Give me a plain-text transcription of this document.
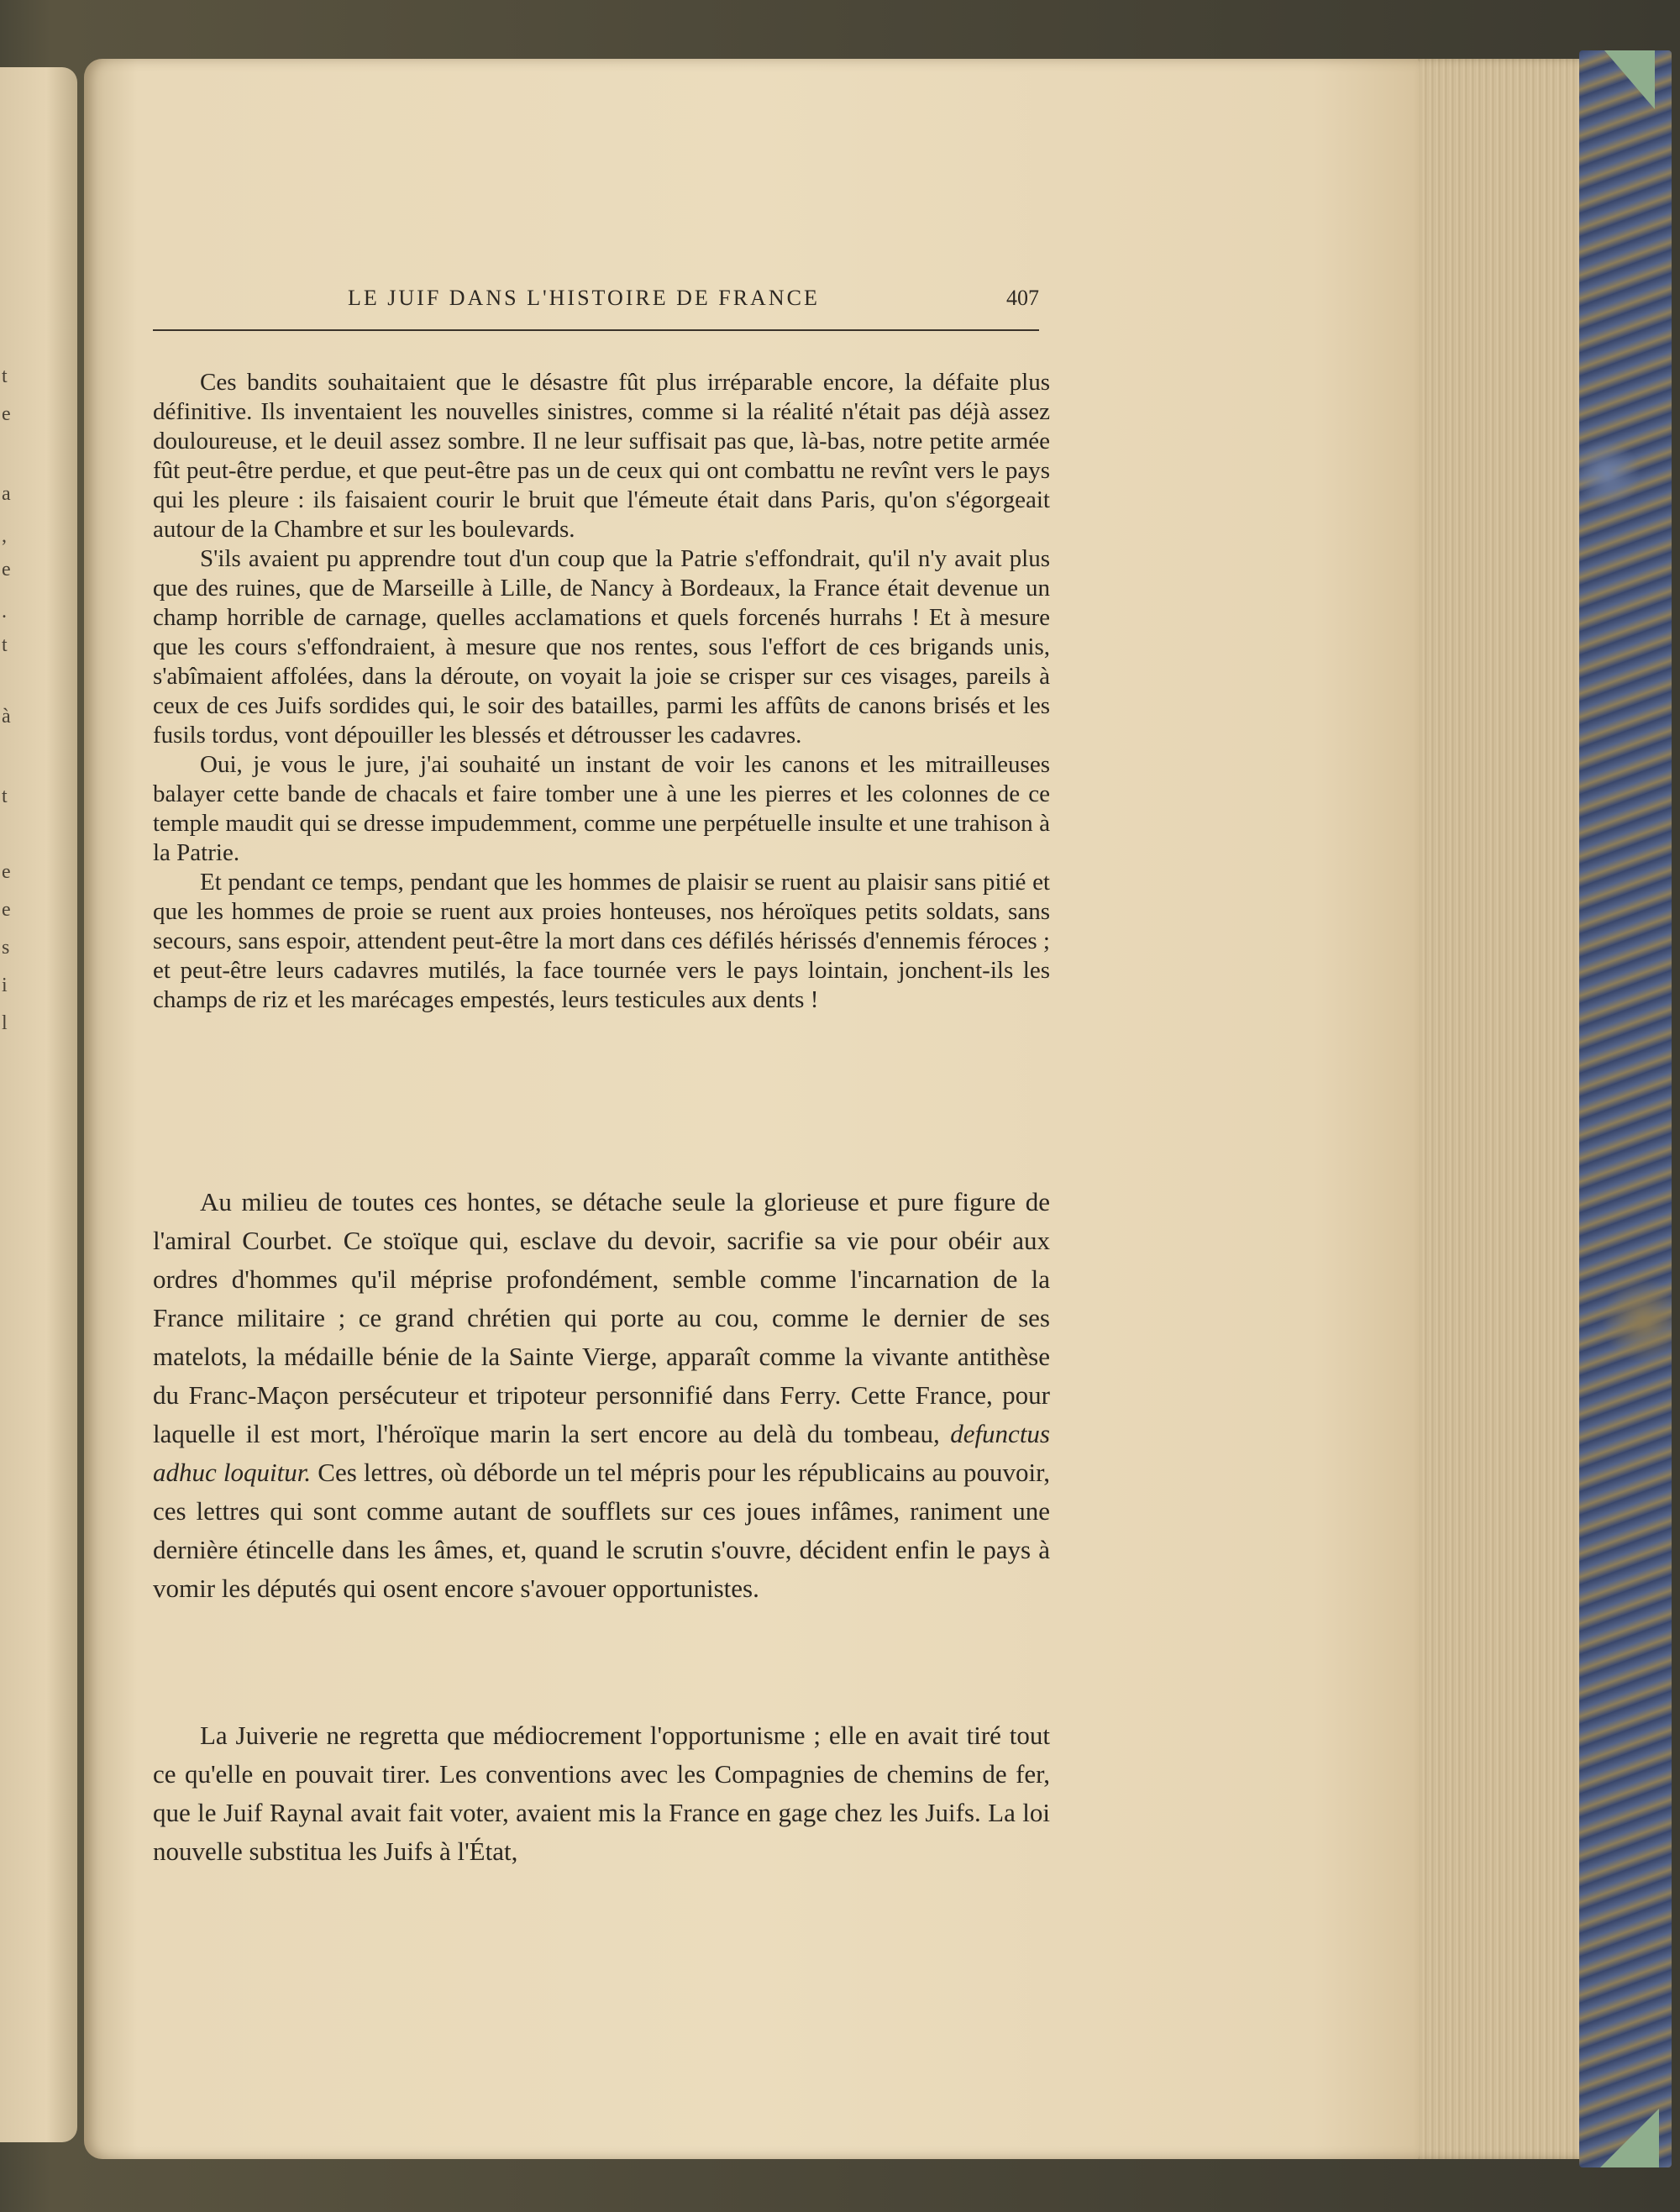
t
e
a
,
e
.
t
à
t
e
e
s
i
l
LE JUIF DANS L'HISTOIRE DE FRANCE	407

Ces bandits souhaitaient que le désastre fût plus irréparable encore, la défaite plus définitive. Ils inventaient les nouvelles sinistres, comme si la réalité n'était pas déjà assez douloureuse, et le deuil assez sombre. Il ne leur suffisait pas que, là-bas, notre petite armée fût peut-être perdue, et que peut-être pas un de ceux qui ont combattu ne revînt vers le pays qui les pleure : ils faisaient courir le bruit que l'émeute était dans Paris, qu'on s'égorgeait autour de la Chambre et sur les boulevards.

S'ils avaient pu apprendre tout d'un coup que la Patrie s'effondrait, qu'il n'y avait plus que des ruines, que de Marseille à Lille, de Nancy à Bordeaux, la France était devenue un champ horrible de carnage, quelles acclamations et quels forcenés hurrahs ! Et à mesure que les cours s'effondraient, à mesure que nos rentes, sous l'effort de ces brigands unis, s'abîmaient affolées, dans la déroute, on voyait la joie se crisper sur ces visages, pareils à ceux de ces Juifs sordides qui, le soir des batailles, parmi les affûts de canons brisés et les fusils tordus, vont dépouiller les blessés et détrousser les cadavres.

Oui, je vous le jure, j'ai souhaité un instant de voir les canons et les mitrailleuses balayer cette bande de chacals et faire tomber une à une les pierres et les colonnes de ce temple maudit qui se dresse impudemment, comme une perpétuelle insulte et une trahison à la Patrie.

Et pendant ce temps, pendant que les hommes de plaisir se ruent au plaisir sans pitié et que les hommes de proie se ruent aux proies honteuses, nos héroïques petits soldats, sans secours, sans espoir, attendent peut-être la mort dans ces défilés hérissés d'ennemis féroces ; et peut-être leurs cadavres mutilés, la face tournée vers le pays lointain, jonchent-ils les champs de riz et les marécages empestés, leurs testicules aux dents !

Au milieu de toutes ces hontes, se détache seule la glorieuse et pure figure de l'amiral Courbet. Ce stoïque qui, esclave du devoir, sacrifie sa vie pour obéir aux ordres d'hommes qu'il méprise profondément, semble comme l'incarnation de la France militaire ; ce grand chrétien qui porte au cou, comme le dernier de ses matelots, la médaille bénie de la Sainte Vierge, apparaît comme la vivante antithèse du Franc-Maçon persécuteur et tripoteur personnifié dans Ferry. Cette France, pour laquelle il est mort, l'héroïque marin la sert encore au delà du tombeau, defunctus adhuc loquitur. Ces lettres, où déborde un tel mépris pour les républicains au pouvoir, ces lettres qui sont comme autant de soufflets sur ces joues infâmes, raniment une dernière étincelle dans les âmes, et, quand le scrutin s'ouvre, décident enfin le pays à vomir les députés qui osent encore s'avouer opportunistes.

La Juiverie ne regretta que médiocrement l'opportunisme ; elle en avait tiré tout ce qu'elle en pouvait tirer. Les conventions avec les Compagnies de chemins de fer, que le Juif Raynal avait fait voter, avaient mis la France en gage chez les Juifs. La loi nouvelle substitua les Juifs à l'État,
